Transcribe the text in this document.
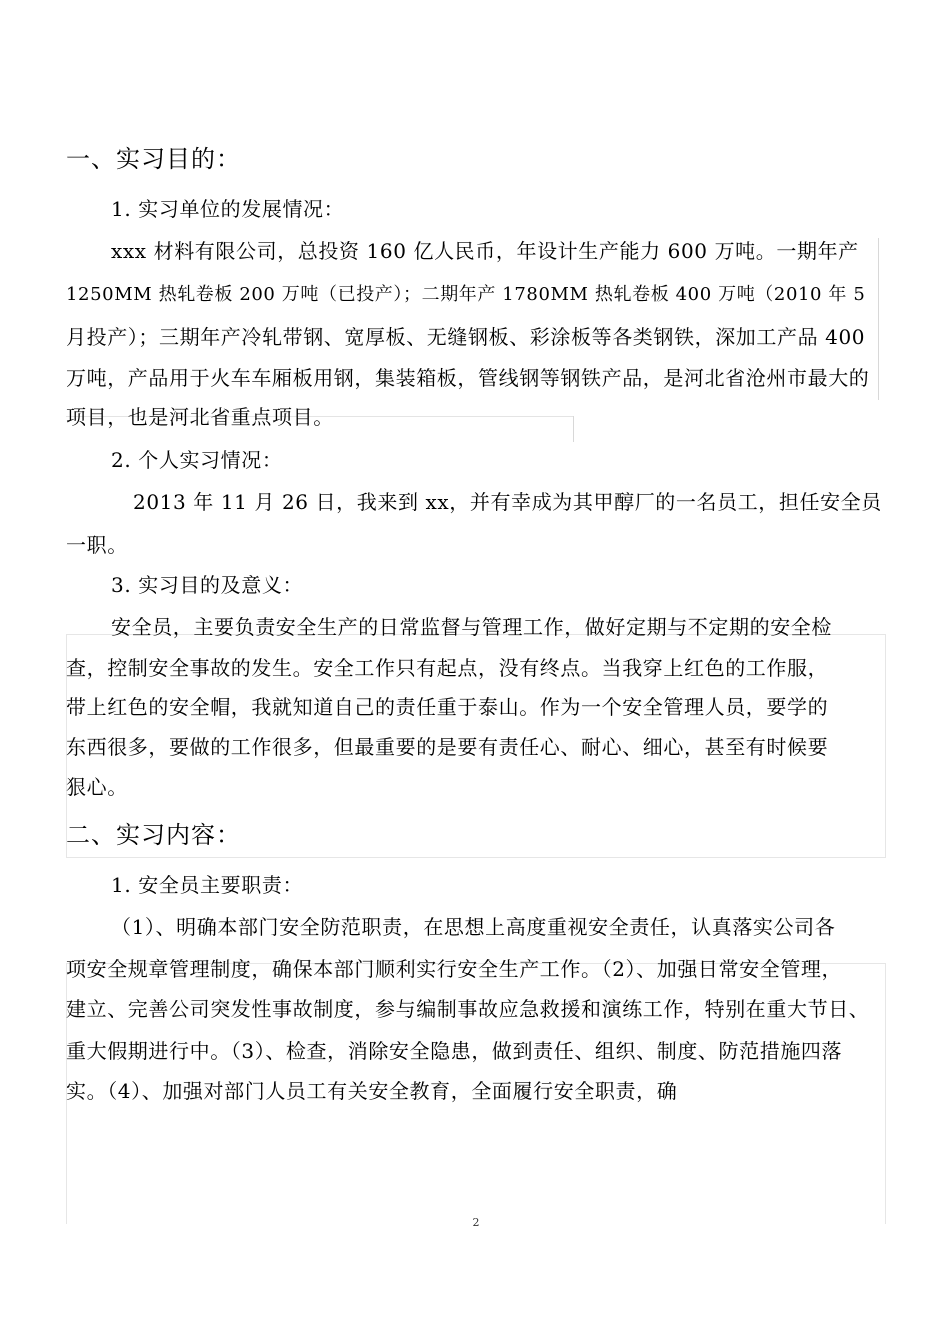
一、实习目的：
1. 实习单位的发展情况：
xxx 材料有限公司，总投资 160 亿人民币，年设计生产能力 600 万吨。一期年产
1250MM 热轧卷板 200 万吨（已投产）；二期年产 1780MM 热轧卷板 400 万吨（2010 年 5
月投产）；三期年产冷轧带钢、宽厚板、无缝钢板、彩涂板等各类钢铁，深加工产品 400
万吨，产品用于火车车厢板用钢，集装箱板，管线钢等钢铁产品，是河北省沧州市最大的
项目，也是河北省重点项目。
2. 个人实习情况：
2013 年 11 月 26 日，我来到 xx，并有幸成为其甲醇厂的一名员工，担任安全员
一职。
3. 实习目的及意义：
安全员，主要负责安全生产的日常监督与管理工作，做好定期与不定期的安全检
查，控制安全事故的发生。安全工作只有起点，没有终点。当我穿上红色的工作服，
带上红色的安全帽，我就知道自己的责任重于泰山。作为一个安全管理人员，要学的
东西很多，要做的工作很多，但最重要的是要有责任心、耐心、细心，甚至有时候要
狠心。
二、实习内容：
1. 安全员主要职责：
（1）、明确本部门安全防范职责，在思想上高度重视安全责任，认真落实公司各
项安全规章管理制度，确保本部门顺利实行安全生产工作。（2）、加强日常安全管理，
建立、完善公司突发性事故制度，参与编制事故应急救援和演练工作，特别在重大节日、
重大假期进行中。（3）、检查，消除安全隐患，做到责任、组织、制度、防范措施四落
实。（4）、加强对部门人员工有关安全教育，全面履行安全职责，确
2
